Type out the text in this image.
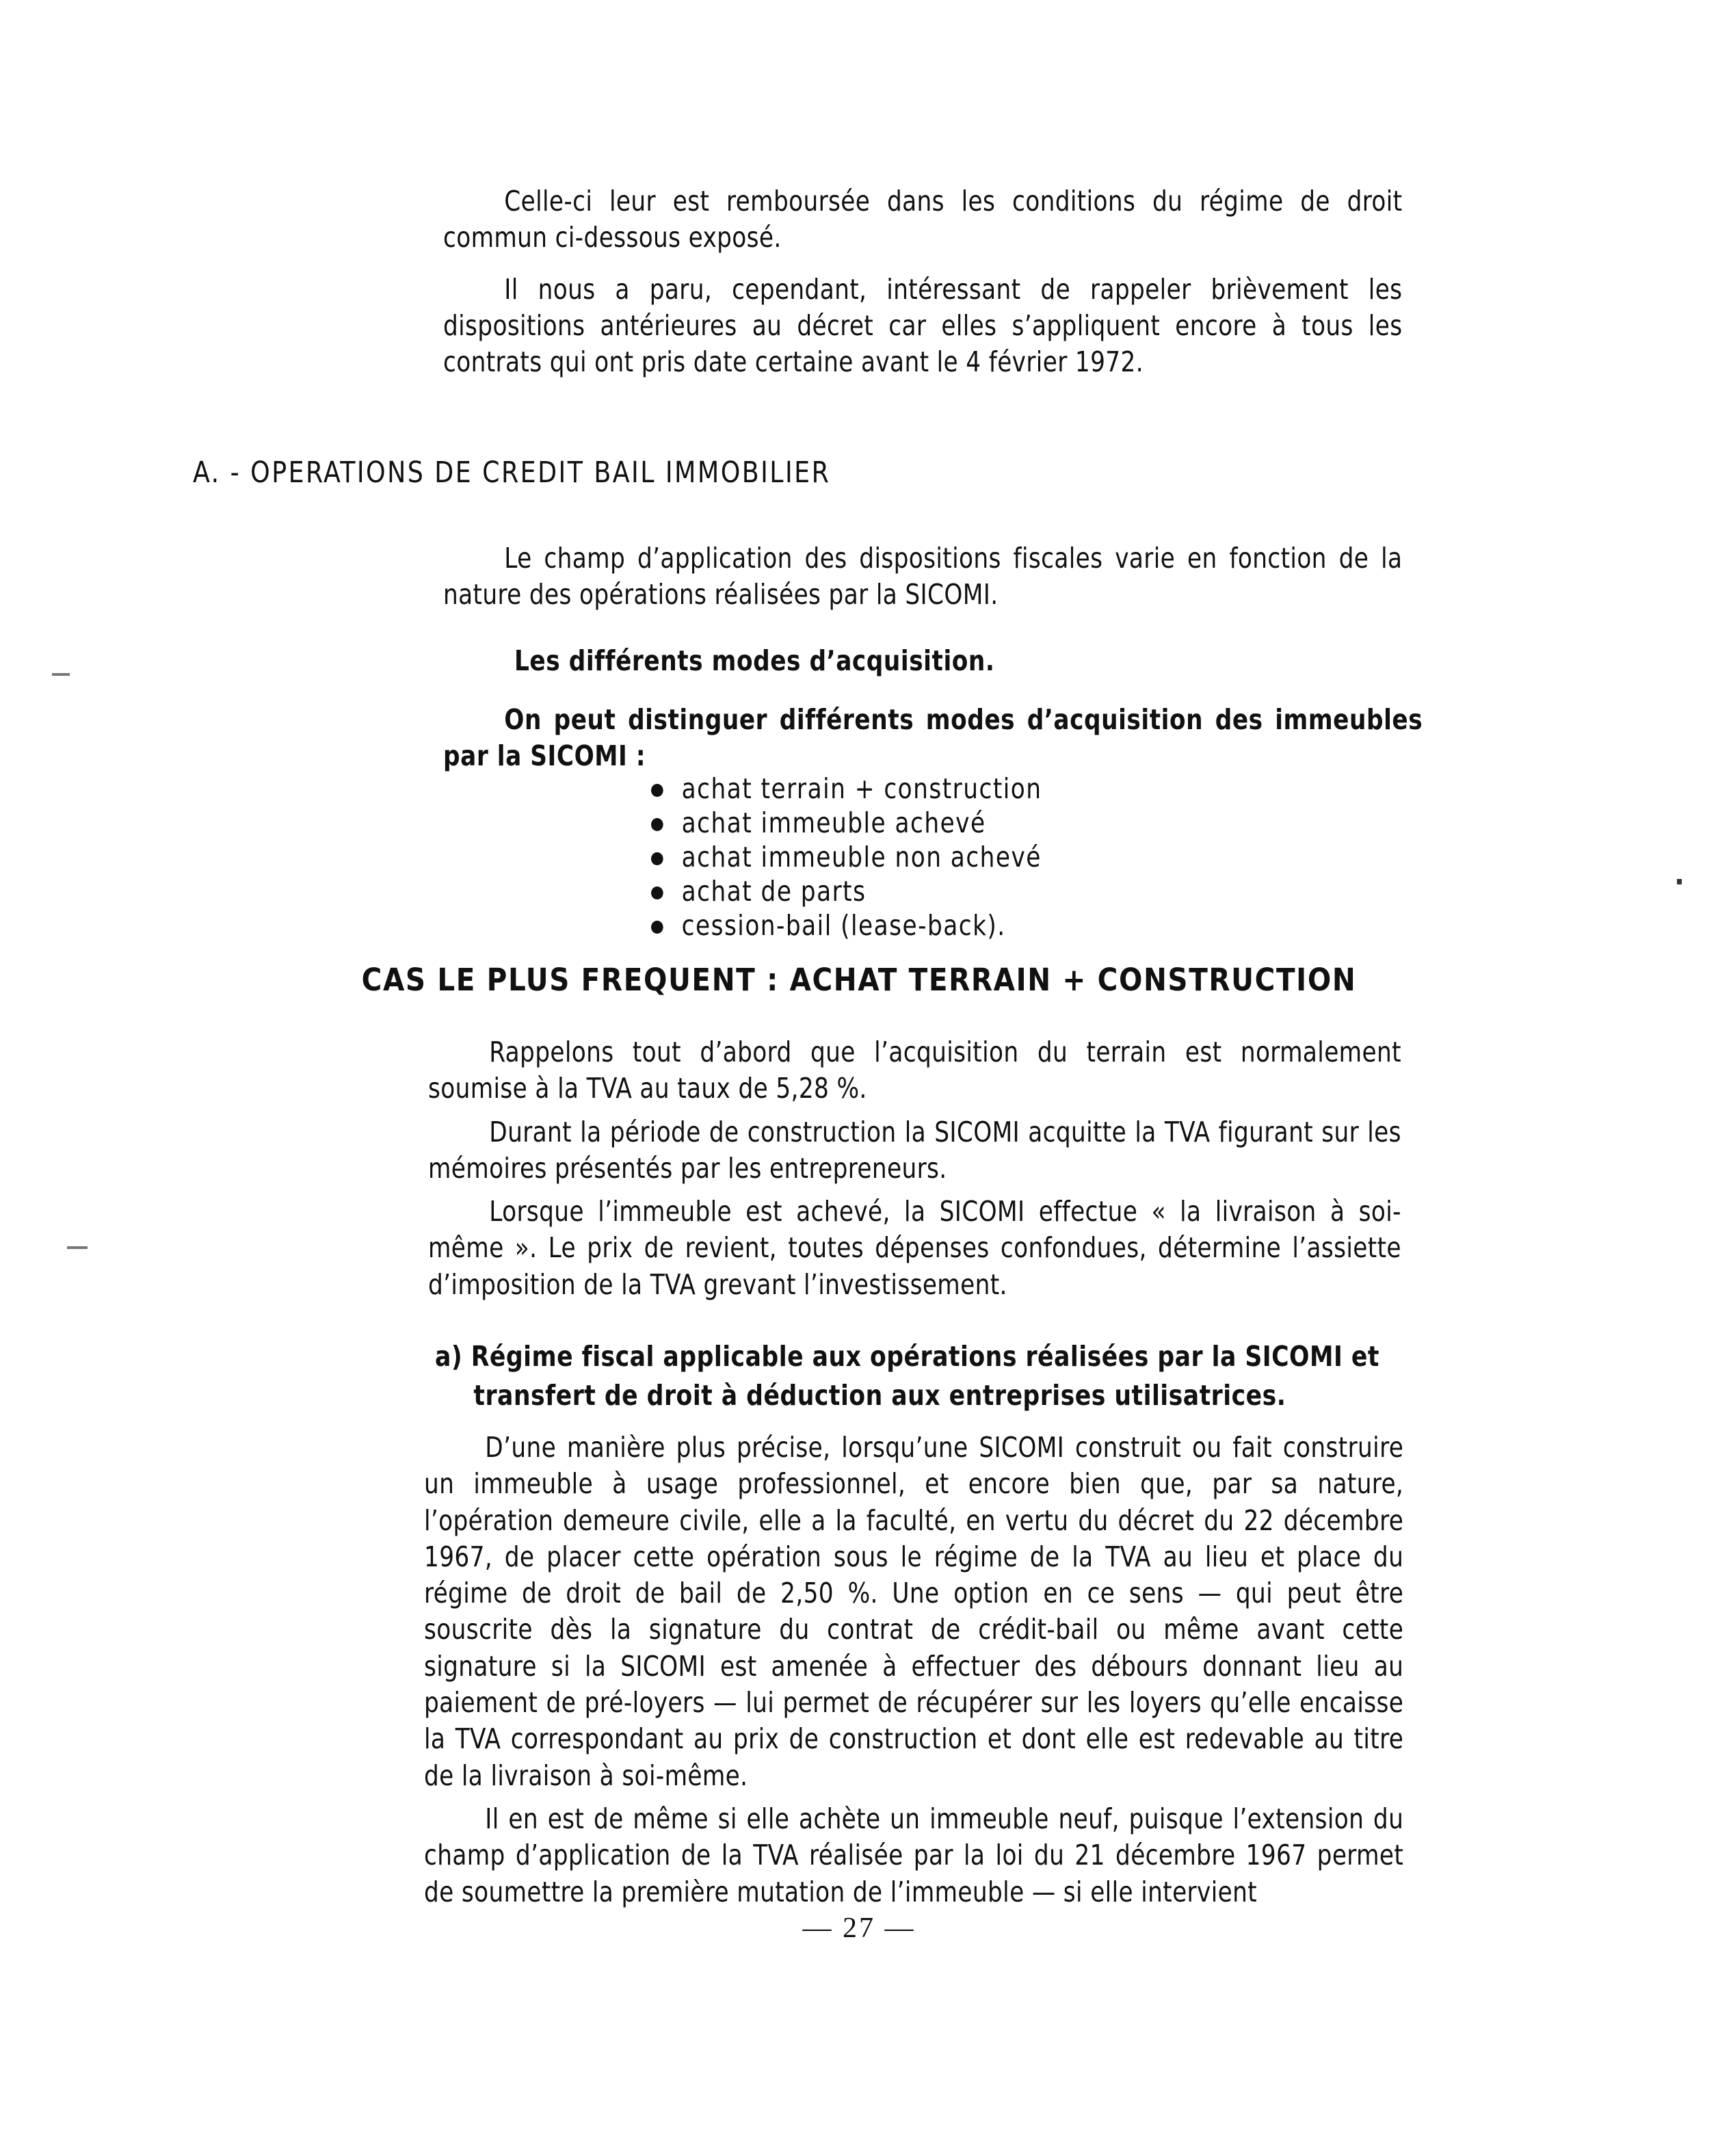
Celle-ci leur est remboursée dans les conditions du régime de droit commun ci-dessous exposé.

Il nous a paru, cependant, intéressant de rappeler brièvement les dispositions antérieures au décret car elles s’appliquent encore à tous les contrats qui ont pris date certaine avant le 4 février 1972.

A. - OPERATIONS DE CREDIT BAIL IMMOBILIER

Le champ d’application des dispositions fiscales varie en fonction de la nature des opérations réalisées par la SICOMI.

Les différents modes d’acquisition.
On peut distinguer différents modes d’acquisition des immeubles par la SICOMI :
achat terrain + construction
achat immeuble achevé
achat immeuble non achevé
achat de parts
cession-bail (lease-back).
CAS LE PLUS FREQUENT : ACHAT TERRAIN + CONSTRUCTION

Rappelons tout d’abord que l’acquisition du terrain est normalement soumise à la TVA au taux de 5,28 %.

Durant la période de construction la SICOMI acquitte la TVA figurant sur les mémoires présentés par les entrepreneurs.

Lorsque l’immeuble est achevé, la SICOMI effectue « la livraison à soi-même ». Le prix de revient, toutes dépenses confondues, détermine l’assiette d’imposition de la TVA grevant l’investissement.

a) Régime fiscal applicable aux opérations réalisées par la SICOMI et
transfert de droit à déduction aux entreprises utilisatrices.

D’une manière plus précise, lorsqu’une SICOMI construit ou fait construire un immeuble à usage professionnel, et encore bien que, par sa nature, l’opération demeure civile, elle a la faculté, en vertu du décret du 22 décembre 1967, de placer cette opération sous le régime de la TVA au lieu et place du régime de droit de bail de 2,50 %. Une option en ce sens — qui peut être souscrite dès la signature du contrat de crédit-bail ou même avant cette signature si la SICOMI est amenée à effectuer des débours donnant lieu au paiement de pré-loyers — lui permet de récupérer sur les loyers qu’elle encaisse la TVA correspondant au prix de construction et dont elle est redevable au titre de la livraison à soi-même.

Il en est de même si elle achète un immeuble neuf, puisque l’extension du champ d’application de la TVA réalisée par la loi du 21 décembre 1967 permet de soumettre la première mutation de l’immeuble — si elle intervient

— 27 —
